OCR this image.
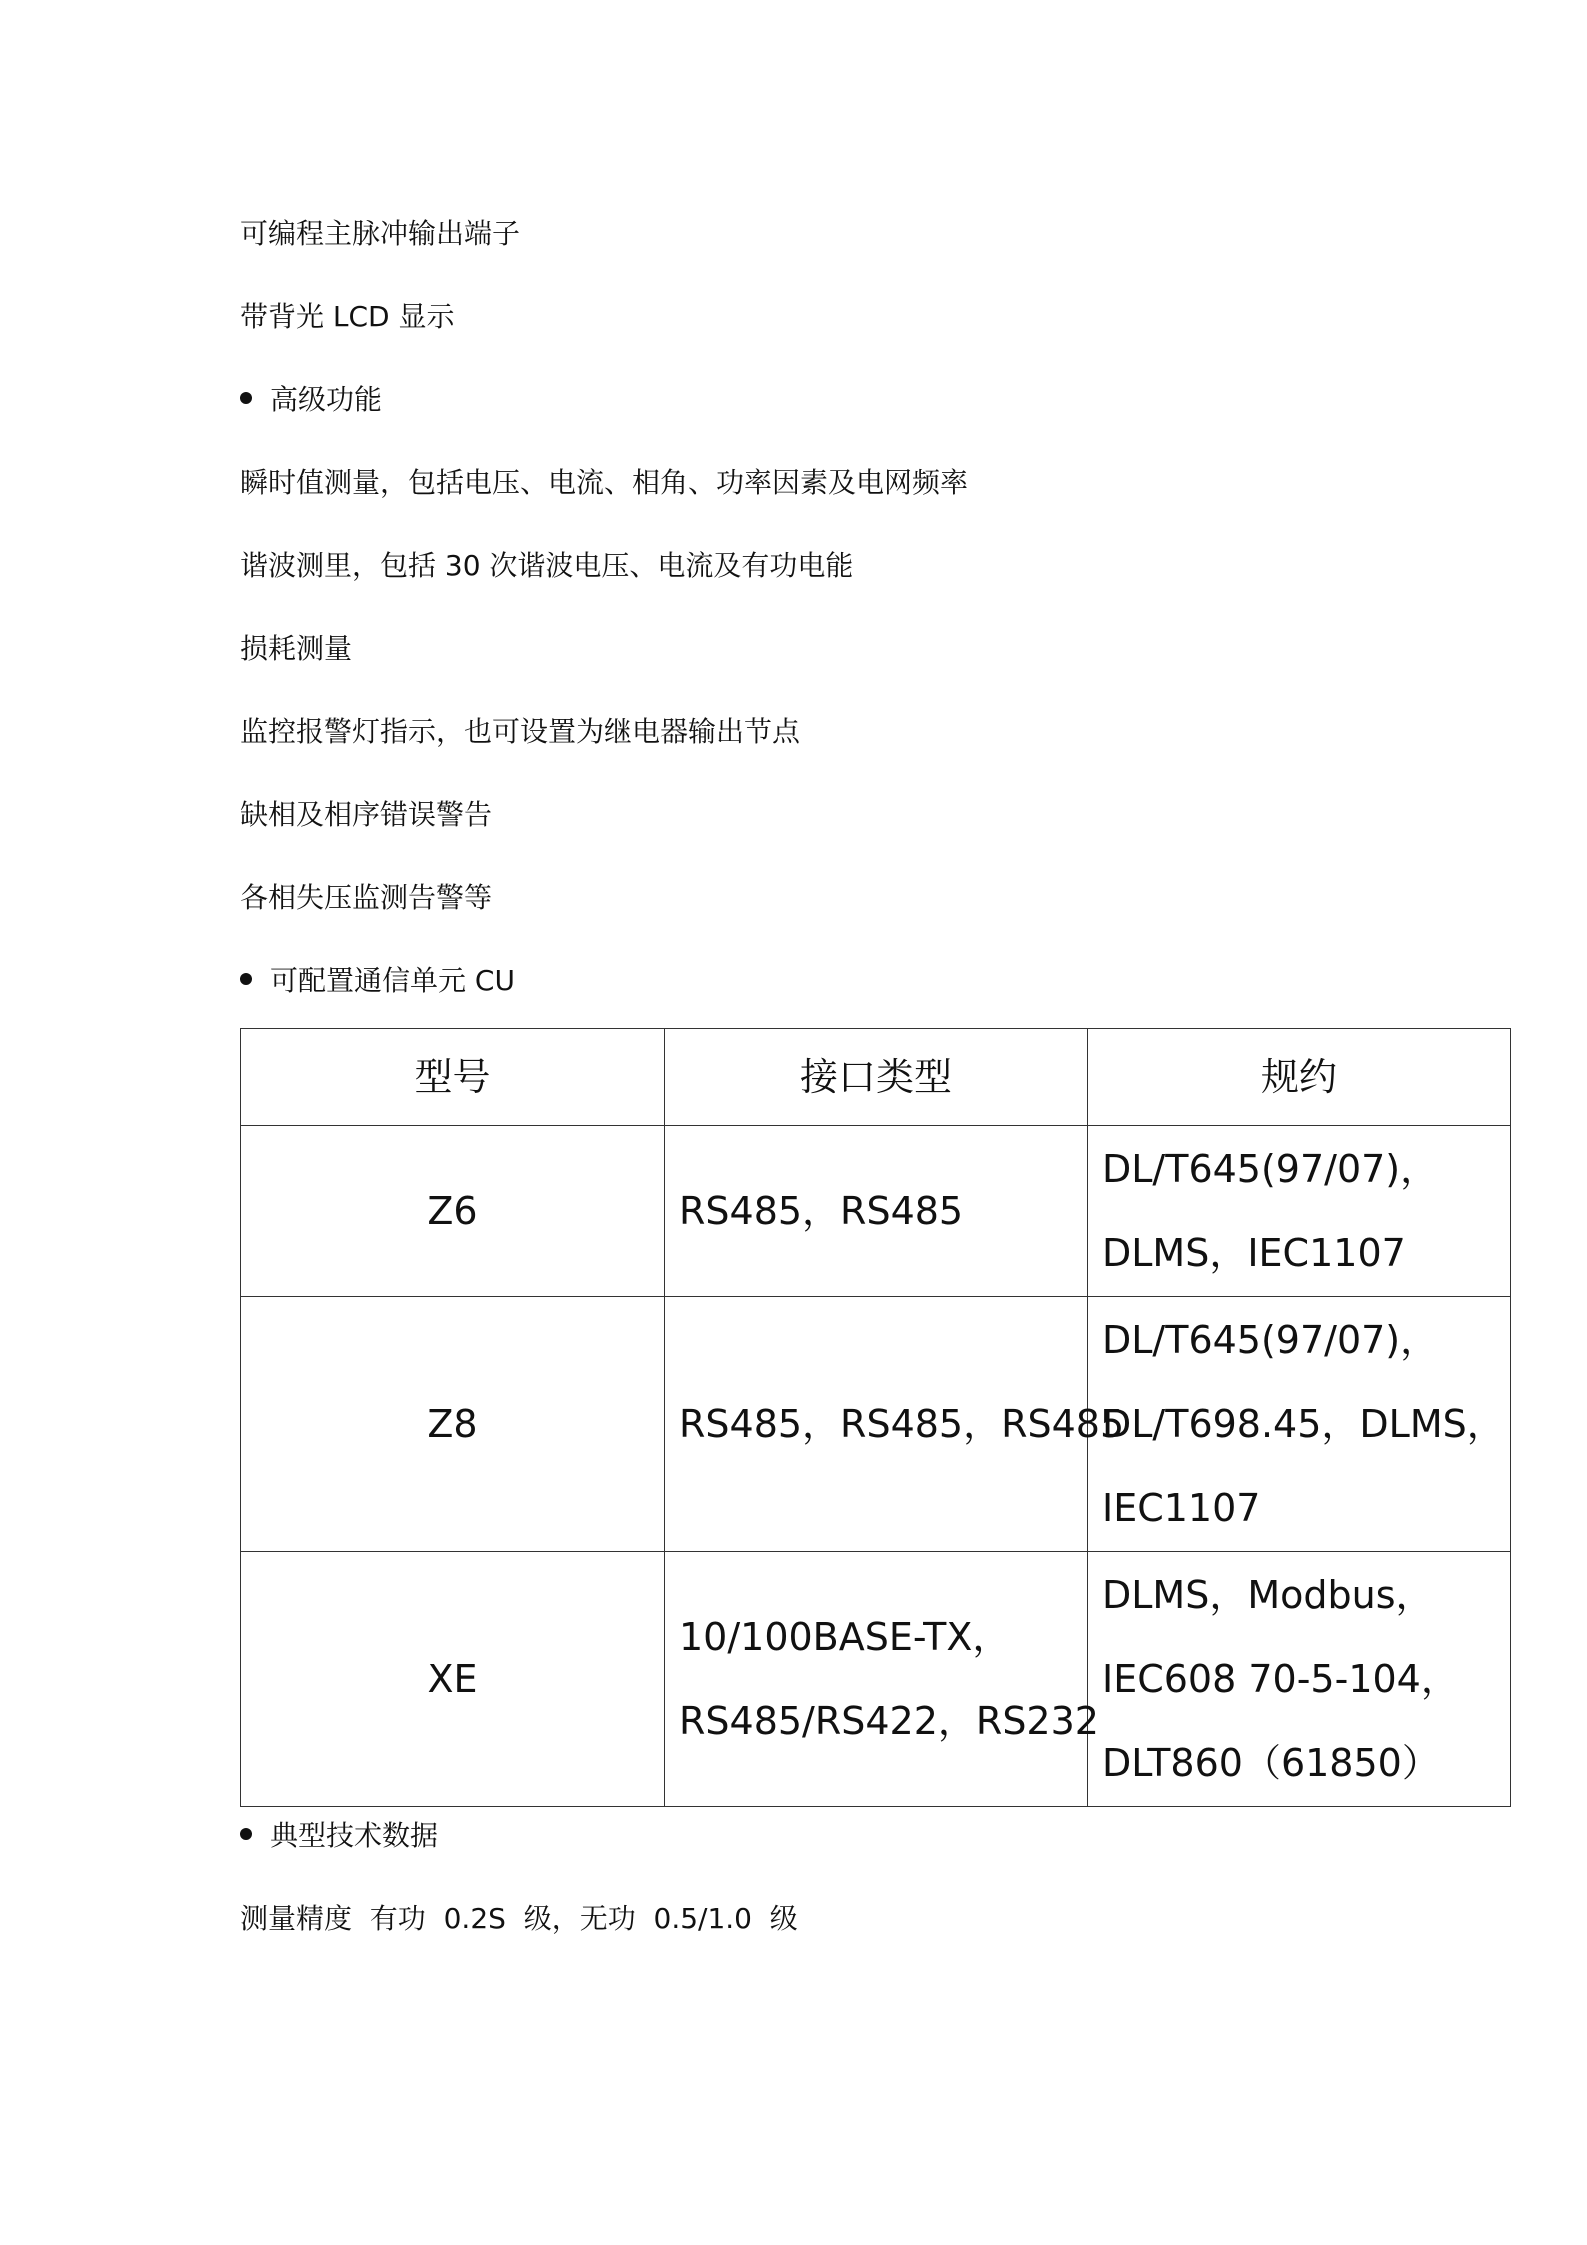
可编程主脉冲输出端子
带背光 LCD 显示
高级功能
瞬时值测量，包括电压、电流、相角、功率因素及电网频率
谐波测里，包括 30 次谐波电压、电流及有功电能
损耗测量
监控报警灯指示，也可设置为继电器输出节点
缺相及相序错误警告
各相失压监测告警等
可配置通信单元 CU
型号	接口类型	规约
Z6	RS485，RS485	DL/T645(97/07)，
DLMS，IEC1107

Z8	RS485，RS485，RS485	DL/T645(97/07)，
DL/T698.45，DLMS，
IEC1107

XE	10/100BASE-TX，
RS485/RS422，RS232	DLMS，Modbus，
IEC608 70-5-104，
DLT860（61850）
典型技术数据
测量精度  有功  0.2S  级，无功  0.5/1.0  级
